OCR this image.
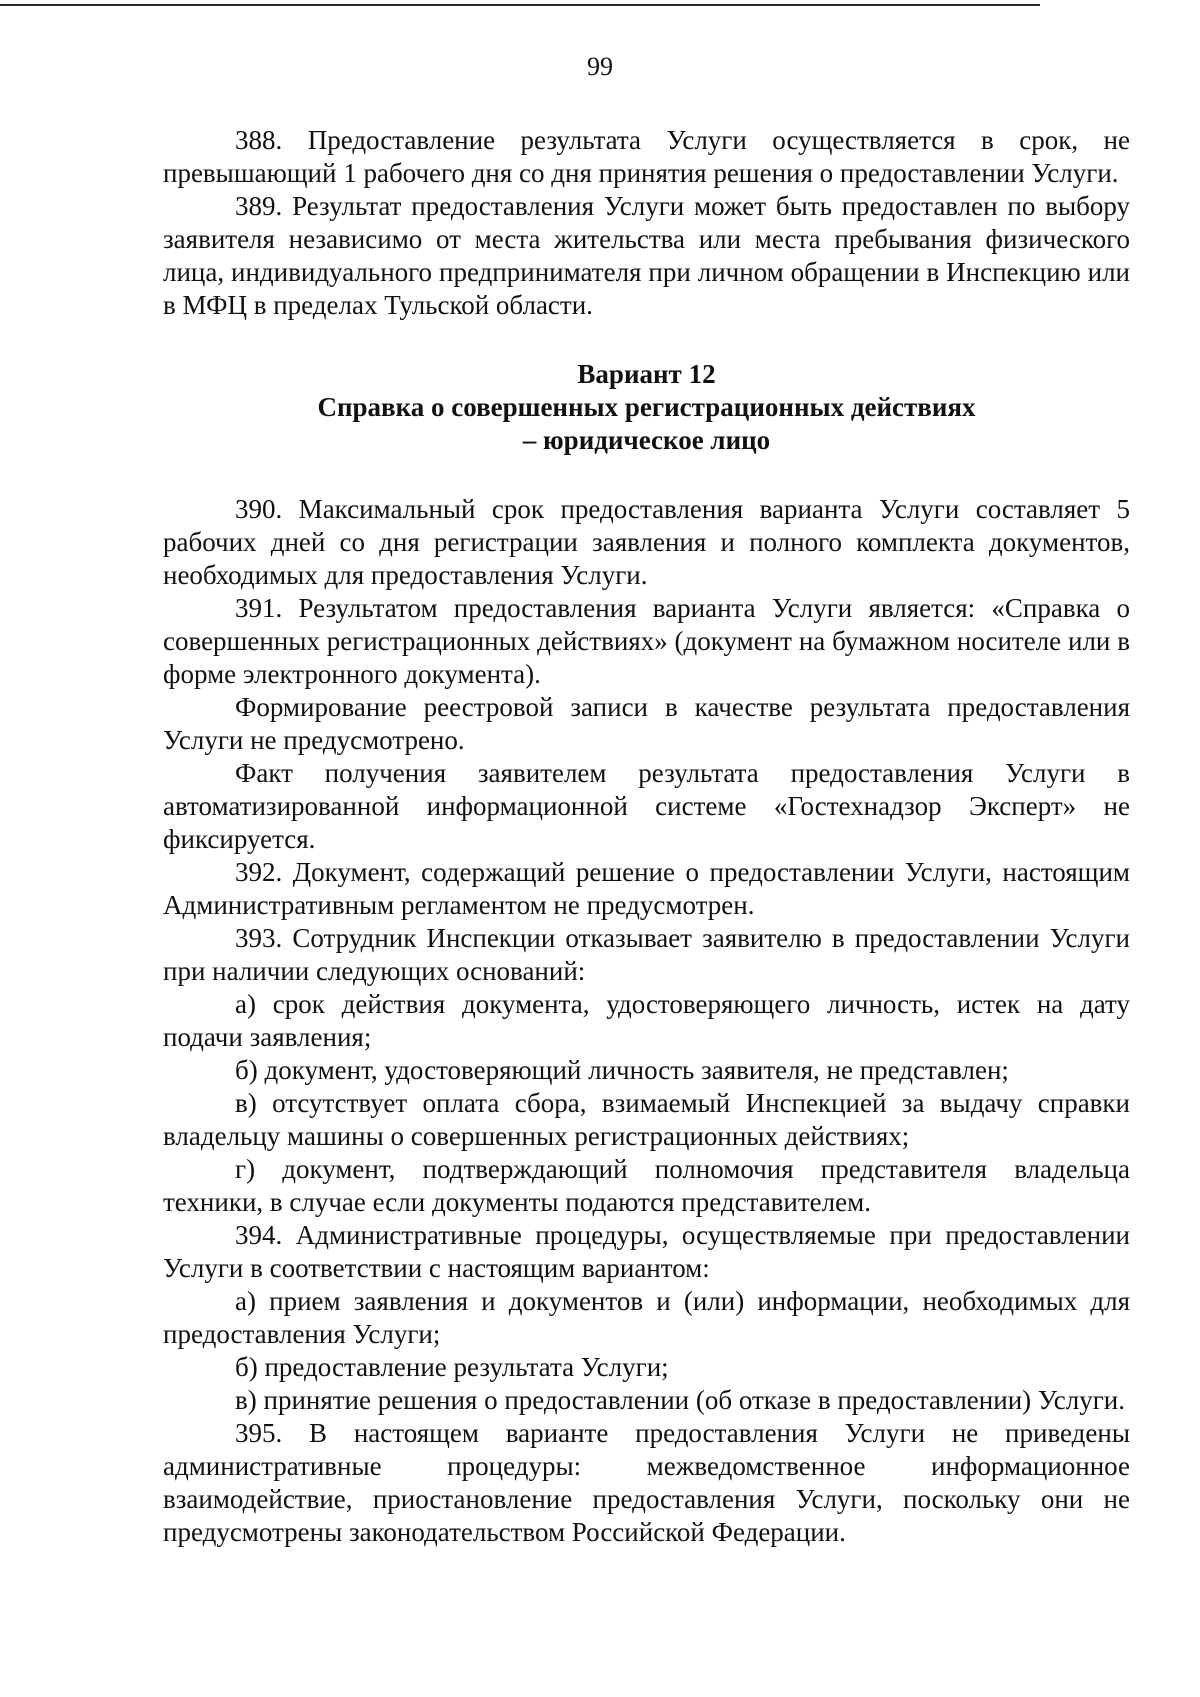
99

388. Предоставление результата Услуги осуществляется в срок, не превышающий 1 рабочего дня со дня принятия решения о предоставлении Услуги.

389. Результат предоставления Услуги может быть предоставлен по выбору заявителя независимо от места жительства или места пребывания физического лица, индивидуального предпринимателя при личном обращении в Инспекцию или в МФЦ в пределах Тульской области.

Вариант 12

Справка о совершенных регистрационных действиях

– юридическое лицо

390. Максимальный срок предоставления варианта Услуги составляет 5 рабочих дней со дня регистрации заявления и полного комплекта документов, необходимых для предоставления Услуги.

391. Результатом предоставления варианта Услуги является: «Справка о совершенных регистрационных действиях» (документ на бумажном носителе или в форме электронного документа).

Формирование реестровой записи в качестве результата предоставления Услуги не предусмотрено.

Факт получения заявителем результата предоставления Услуги в автоматизированной информационной системе «Гостехнадзор Эксперт» не фиксируется.

392. Документ, содержащий решение о предоставлении Услуги, настоящим Административным регламентом не предусмотрен.

393. Сотрудник Инспекции отказывает заявителю в предоставлении Услуги при наличии следующих оснований:

а) срок действия документа, удостоверяющего личность, истек на дату подачи заявления;

б) документ, удостоверяющий личность заявителя, не представлен;

в) отсутствует оплата сбора, взимаемый Инспекцией за выдачу справки владельцу машины о совершенных регистрационных действиях;

г) документ, подтверждающий полномочия представителя владельца техники, в случае если документы подаются представителем.

394. Административные процедуры, осуществляемые при предоставлении Услуги в соответствии с настоящим вариантом:

а) прием заявления и документов и (или) информации, необходимых для предоставления Услуги;

б) предоставление результата Услуги;

в) принятие решения о предоставлении (об отказе в предоставлении) Услуги.

395. В настоящем варианте предоставления Услуги не приведены административные процедуры: межведомственное информационное взаимодействие, приостановление предоставления Услуги, поскольку они не предусмотрены законодательством Российской Федерации.
